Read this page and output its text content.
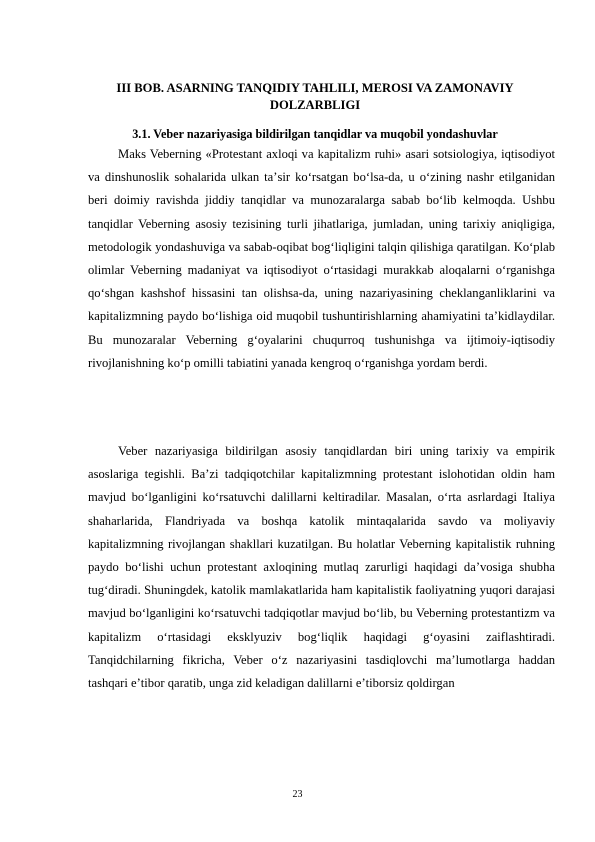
III BOB. ASARNING TANQIDIY TAHLILI, MEROSI VA ZAMONAVIY DOLZARBLIGI
3.1. Veber nazariyasiga bildirilgan tanqidlar va muqobil yondashuvlar

Maks Veberning «Protestant axloqi va kapitalizm ruhi» asari sotsiologiya, iqtisodiyot va dinshunoslik sohalarida ulkan taʼsir koʻrsatgan boʻlsa-da, u oʻzining nashr etilganidan beri doimiy ravishda jiddiy tanqidlar va munozaralarga sabab boʻlib kelmoqda. Ushbu tanqidlar Veberning asosiy tezisining turli jihatlariga, jumladan, uning tarixiy aniqligiga, metodologik yondashuviga va sabab-oqibat bogʻliqligini talqin qilishiga qaratilgan. Koʻplab olimlar Veberning madaniyat va iqtisodiyot oʻrtasidagi murakkab aloqalarni oʻrganishga qoʻshgan kashshof hissasini tan olishsa-da, uning nazariyasining cheklanganliklarini va kapitalizmning paydo boʻlishiga oid muqobil tushuntirishlarning ahamiyatini taʼkidlaydilar. Bu munozaralar Veberning gʻoyalarini chuqurroq tushunishga va ijtimoiy-iqtisodiy rivojlanishning koʻp omilli tabiatini yanada kengroq oʻrganishga yordam berdi.

Veber nazariyasiga bildirilgan asosiy tanqidlardan biri uning tarixiy va empirik asoslariga tegishli. Baʼzi tadqiqotchilar kapitalizmning protestant islohotidan oldin ham mavjud boʻlganligini koʻrsatuvchi dalillarni keltiradilar. Masalan, oʻrta asrlardagi Italiya shaharlarida, Flandriyada va boshqa katolik mintaqalarida savdo va moliyaviy kapitalizmning rivojlangan shakllari kuzatilgan. Bu holatlar Veberning kapitalistik ruhning paydo boʻlishi uchun protestant axloqining mutlaq zarurligi haqidagi daʼvosiga shubha tugʻdiradi. Shuningdek, katolik mamlakatlarida ham kapitalistik faoliyatning yuqori darajasi mavjud boʻlganligini koʻrsatuvchi tadqiqotlar mavjud boʻlib, bu Veberning protestantizm va kapitalizm oʻrtasidagi eksklyuziv bogʻliqlik haqidagi gʻoyasini zaiflashtiradi. Tanqidchilarning fikricha, Veber oʻz nazariyasini tasdiqlovchi maʼlumotlarga haddan tashqari eʼtibor qaratib, unga zid keladigan dalillarni eʼtiborsiz qoldirgan

23
